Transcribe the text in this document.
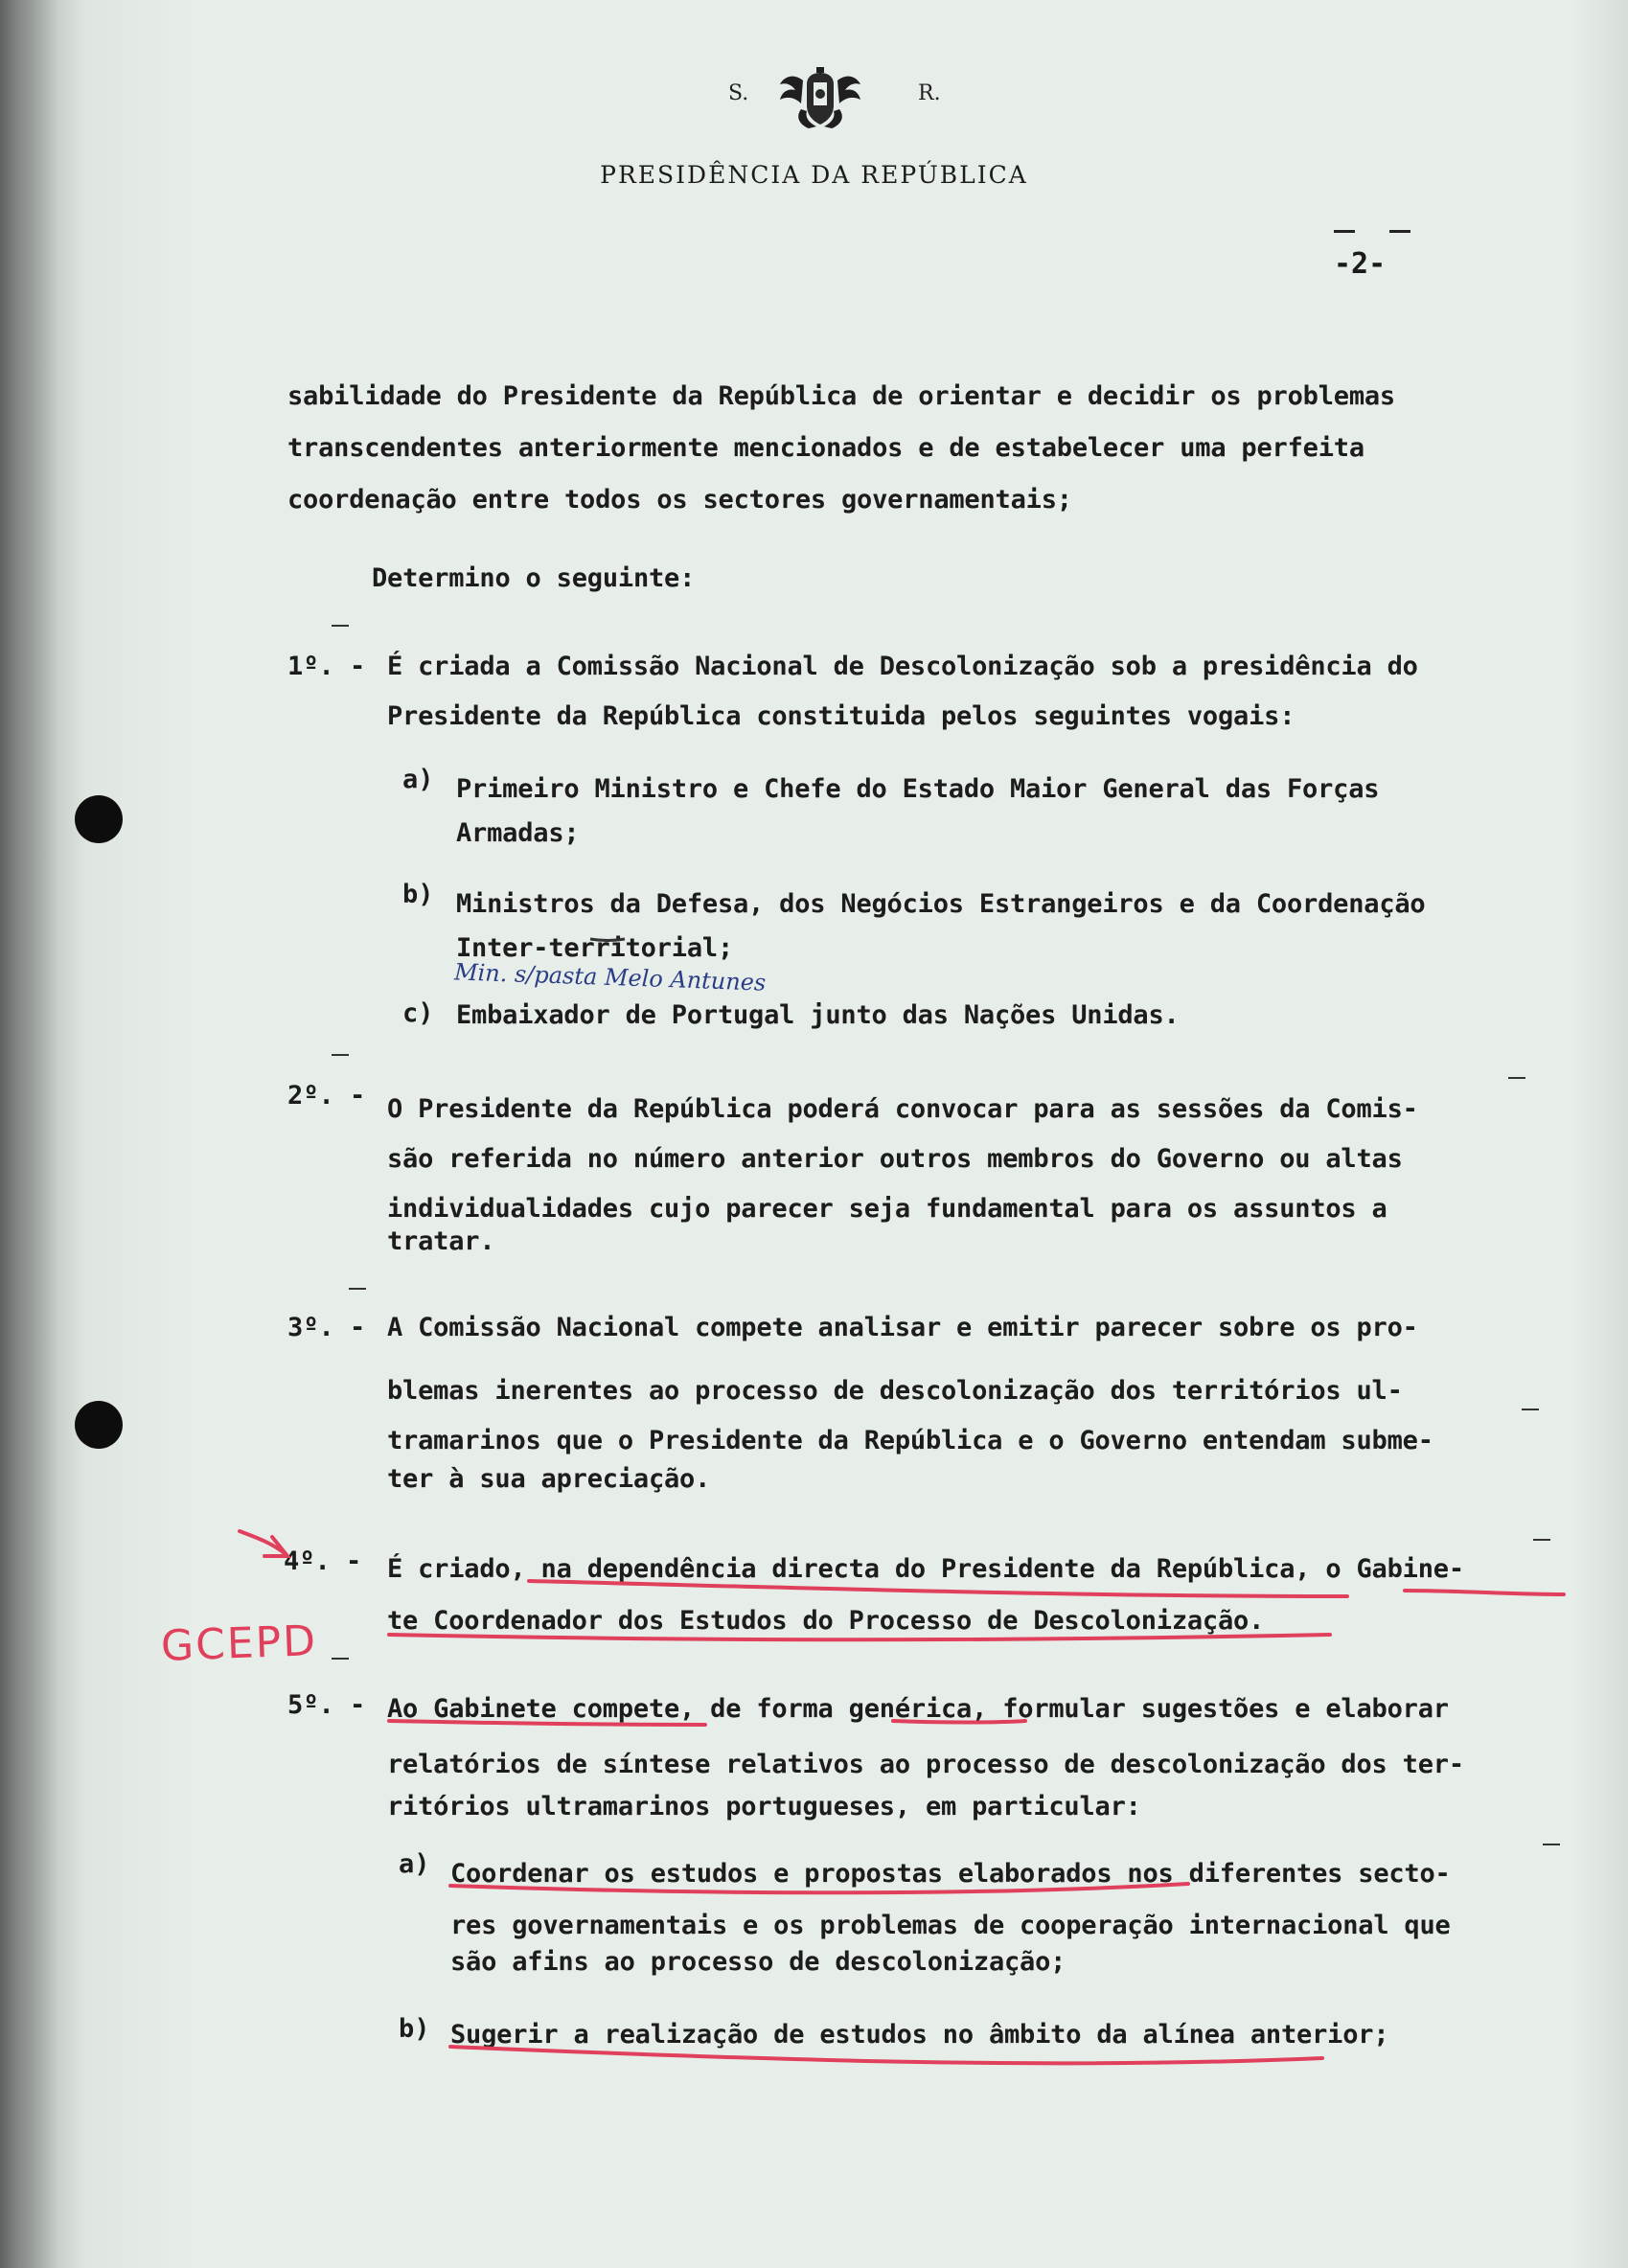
S.	R.
PRESIDÊNCIA DA REPÚBLICA
-2-
sabilidade do Presidente da República de orientar e decidir os problemas
transcendentes anteriormente mencionados e de estabelecer uma perfeita
coordenação entre todos os sectores governamentais;
Determino o seguinte:
1º. - É criada a Comissão Nacional de Descolonização sob a presidência do
Presidente da República constituida pelos seguintes vogais:
a) Primeiro Ministro e Chefe do Estado Maior General das Forças
Armadas;
b) Ministros da Defesa, dos Negócios Estrangeiros e da Coordenação
Inter-territorial;
Min. s/pasta Melo Antunes
c) Embaixador de Portugal junto das Nações Unidas.
2º. - O Presidente da República poderá convocar para as sessões da Comis-
são referida no número anterior outros membros do Governo ou altas
individualidades cujo parecer seja fundamental para os assuntos a
tratar.
3º. - A Comissão Nacional compete analisar e emitir parecer sobre os pro-
blemas inerentes ao processo de descolonização dos territórios ul-
tramarinos que o Presidente da República e o Governo entendam subme-
ter à sua apreciação.
4º. - É criado, na dependência directa do Presidente da República, o Gabine-
te Coordenador dos Estudos do Processo de Descolonização.
GCEPD
5º. - Ao Gabinete compete, de forma genérica, formular sugestões e elaborar
relatórios de síntese relativos ao processo de descolonização dos ter-
ritórios ultramarinos portugueses, em particular:
a) Coordenar os estudos e propostas elaborados nos diferentes secto-
res governamentais e os problemas de cooperação internacional que
são afins ao processo de descolonização;
b) Sugerir a realização de estudos no âmbito da alínea anterior;
